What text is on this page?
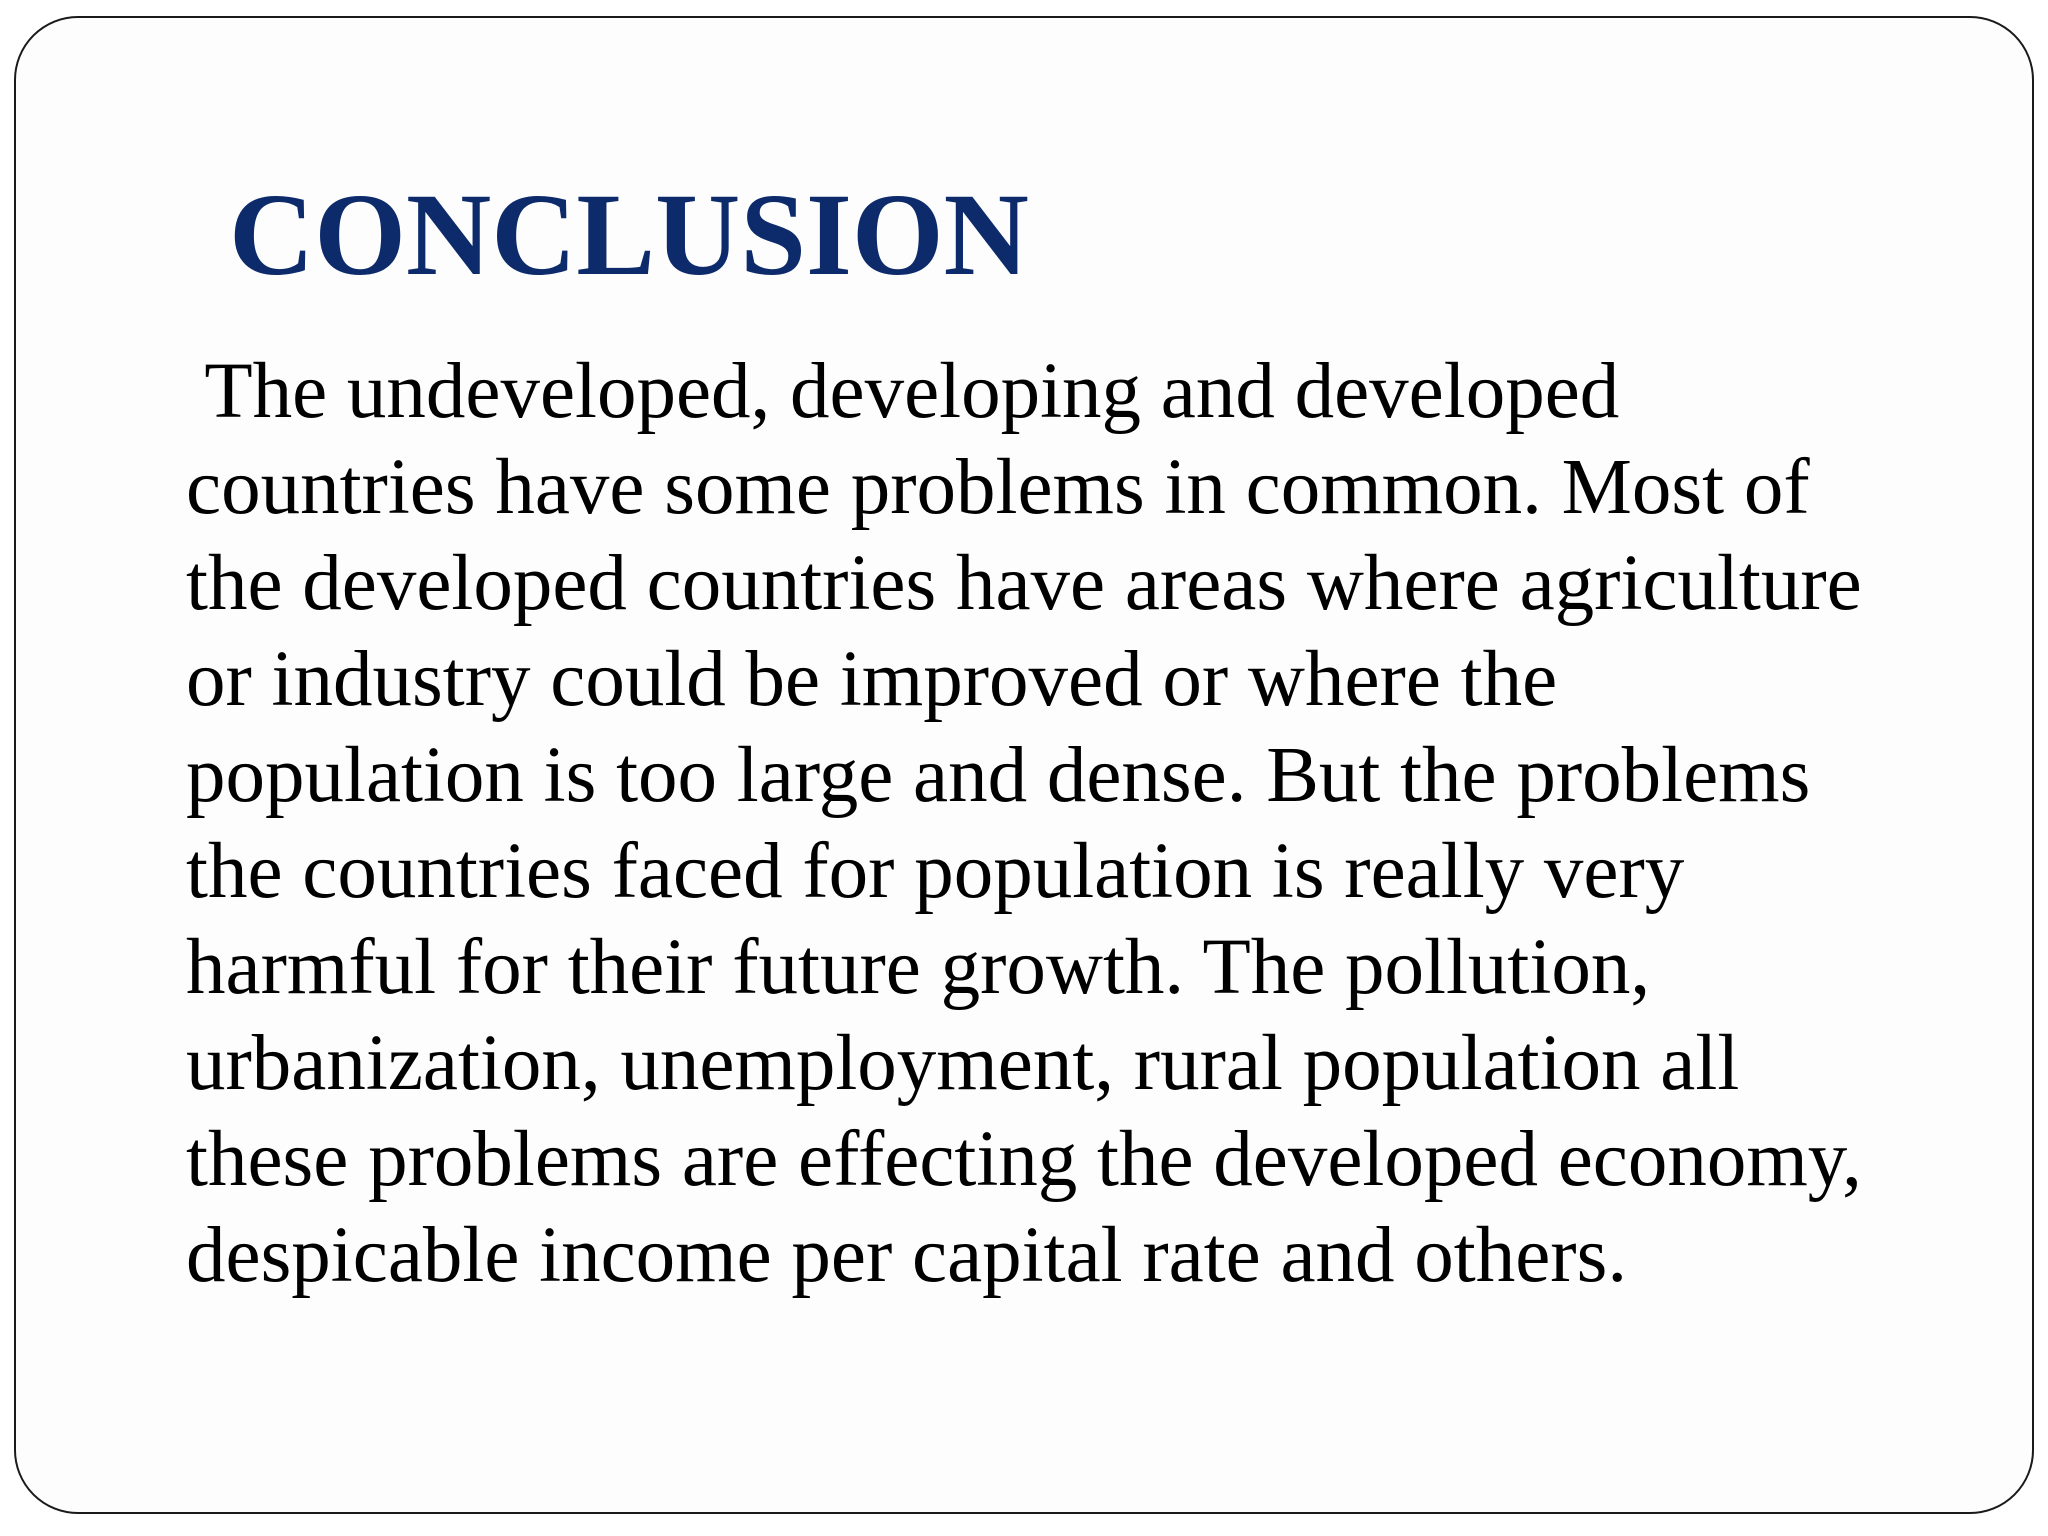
CONCLUSION
The undeveloped, developing and developed
countries have some problems in common. Most of
the developed countries have areas where agriculture
or industry could be improved or where the
population is too large and dense. But the problems
the countries faced for population is really very
harmful for their future growth. The pollution,
urbanization, unemployment, rural population all
these problems are effecting the developed economy,
despicable income per capital rate and others.
